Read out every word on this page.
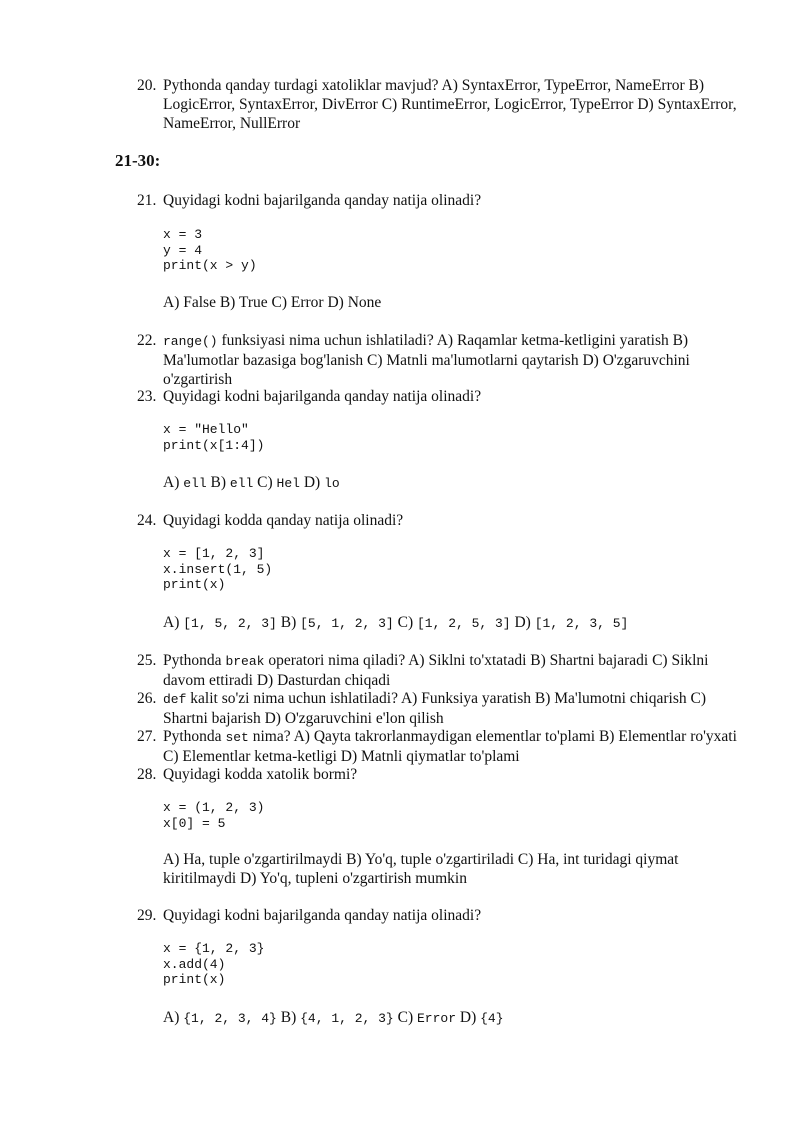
20. Pythonda qanday turdagi xatoliklar mavjud? A) SyntaxError, TypeError, NameError B) LogicError, SyntaxError, DivError C) RuntimeError, LogicError, TypeError D) SyntaxError, NameError, NullError
21-30:
21. Quyidagi kodni bajarilganda qanday natija olinadi?
x = 3
y = 4
print(x > y)
A) False B) True C) Error D) None
22. range() funksiyasi nima uchun ishlatiladi? A) Raqamlar ketma-ketligini yaratish B) Ma'lumotlar bazasiga bog'lanish C) Matnli ma'lumotlarni qaytarish D) O'zgaruvchini o'zgartirish
23. Quyidagi kodni bajarilganda qanday natija olinadi?
x = "Hello"
print(x[1:4])
A) ell B) ell C) Hel D) lo
24. Quyidagi kodda qanday natija olinadi?
x = [1, 2, 3]
x.insert(1, 5)
print(x)
A) [1, 5, 2, 3] B) [5, 1, 2, 3] C) [1, 2, 5, 3] D) [1, 2, 3, 5]
25. Pythonda break operatori nima qiladi? A) Siklni to'xtatadi B) Shartni bajaradi C) Siklni davom ettiradi D) Dasturdan chiqadi
26. def kalit so'zi nima uchun ishlatiladi? A) Funksiya yaratish B) Ma'lumotni chiqarish C) Shartni bajarish D) O'zgaruvchini e'lon qilish
27. Pythonda set nima? A) Qayta takrorlanmaydigan elementlar to'plami B) Elementlar ro'yxati C) Elementlar ketma-ketligi D) Matnli qiymatlar to'plami
28. Quyidagi kodda xatolik bormi?
x = (1, 2, 3)
x[0] = 5
A) Ha, tuple o'zgartirilmaydi B) Yo'q, tuple o'zgartiriladi C) Ha, int turidagi qiymat kiritilmaydi D) Yo'q, tupleni o'zgartirish mumkin
29. Quyidagi kodni bajarilganda qanday natija olinadi?
x = {1, 2, 3}
x.add(4)
print(x)
A) {1, 2, 3, 4} B) {4, 1, 2, 3} C) Error D) {4}
